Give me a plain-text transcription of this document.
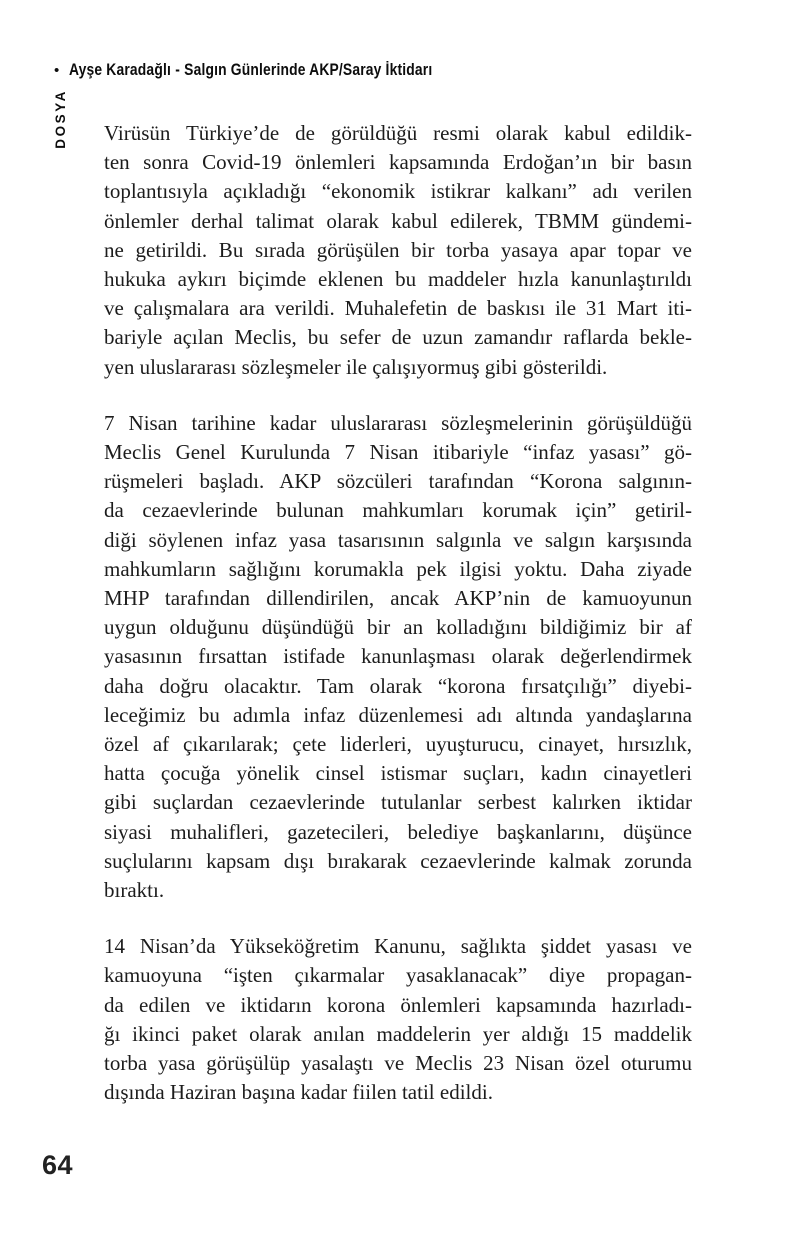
• Ayşe Karadağlı - Salgın Günlerinde AKP/Saray İktidarı
DOSYA Virüsün Türkiye’de de görüldüğü resmi olarak kabul edildik-
ten sonra Covid-19 önlemleri kapsamında Erdoğan’ın bir basın
toplantısıyla açıkladığı “ekonomik istikrar kalkanı” adı verilen
önlemler derhal talimat olarak kabul edilerek, TBMM gündemi-
ne getirildi. Bu sırada görüşülen bir torba yasaya apar topar ve
hukuka aykırı biçimde eklenen bu maddeler hızla kanunlaştırıldı
ve çalışmalara ara verildi. Muhalefetin de baskısı ile 31 Mart iti-
bariyle açılan Meclis, bu sefer de uzun zamandır raflarda bekle-
yen uluslararası sözleşmeler ile çalışıyormuş gibi gösterildi.
7 Nisan tarihine kadar uluslararası sözleşmelerinin görüşüldüğü
Meclis Genel Kurulunda 7 Nisan itibariyle “infaz yasası” gö-
rüşmeleri başladı. AKP sözcüleri tarafından “Korona salgının-
da cezaevlerinde bulunan mahkumları korumak için” getiril-
diği söylenen infaz yasa tasarısının salgınla ve salgın karşısında
mahkumların sağlığını korumakla pek ilgisi yoktu. Daha ziyade
MHP tarafından dillendirilen, ancak AKP’nin de kamuoyunun
uygun olduğunu düşündüğü bir an kolladığını bildiğimiz bir af
yasasının fırsattan istifade kanunlaşması olarak değerlendirmek
daha doğru olacaktır. Tam olarak “korona fırsatçılığı” diyebi-
leceğimiz bu adımla infaz düzenlemesi adı altında yandaşlarına
özel af çıkarılarak; çete liderleri, uyuşturucu, cinayet, hırsızlık,
hatta çocuğa yönelik cinsel istismar suçları, kadın cinayetleri
gibi suçlardan cezaevlerinde tutulanlar serbest kalırken iktidar
siyasi muhalifleri, gazetecileri, belediye başkanlarını, düşünce
suçlularını kapsam dışı bırakarak cezaevlerinde kalmak zorunda
bıraktı.
14 Nisan’da Yükseköğretim Kanunu, sağlıkta şiddet yasası ve
kamuoyuna “işten çıkarmalar yasaklanacak” diye propagan-
da edilen ve iktidarın korona önlemleri kapsamında hazırladı-
ğı ikinci paket olarak anılan maddelerin yer aldığı 15 maddelik
torba yasa görüşülüp yasalaştı ve Meclis 23 Nisan özel oturumu
dışında Haziran başına kadar fiilen tatil edildi.
64
